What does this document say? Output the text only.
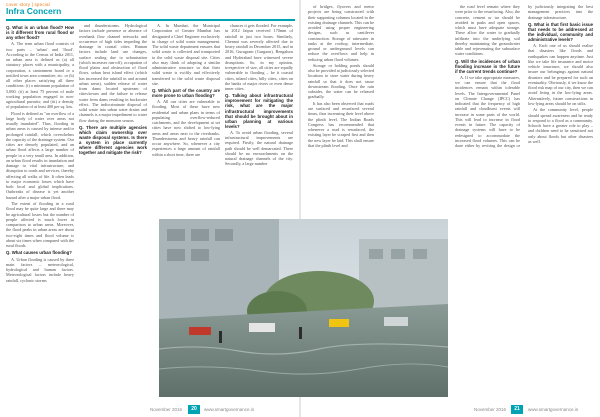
cover story | special
Infra Concern
Q. What is an urban flood? How is it different from rural flood or any other flood?

A. The term urban flood consists of two parts – 'urban' and 'flood'. According to the Census of India 2011, an urban area is defined as (a) all statutory places with a municipality, a corporation, a cantonment board or a notified town area committee, etc. or (b) all other places satisfying all three conditions: (i) a minimum population of 5,000; (ii) at least 75 percent of male working population engaged in non-agricultural pursuits; and (iii) a density of population of at least 400 per sq. km.

Flood is defined as "an overflow of a large body of water over areas not usually inundated". Thus, flooding in urban areas is caused by intense and/or prolonged rainfall, which overwhelms the capacity of the drainage system. Our cities are densely populated, and an urban flood affects a large number of people in a very small area. In addition, an urban flood results in inundation and damage to vital infrastructure, and disruption to roads and services, thereby affecting all walks of life. It often leads to major economic losses which have both local and global implications. Outbreaks of disease is yet another hazard after a major urban flood.

The extent of flooding in a rural flood may be quite large and there may be agricultural losses but the number of people affected is much lower in comparison to urban areas. Moreover, the flood peaks in urban areas are about two-eight times and flood volume is about six times when compared with the rural floods.

Q. What causes urban flooding?

A. Urban flooding is caused by three main factors – meteorological, hydrological and human factors. Meteorological factors include heavy rainfall, cyclonic storms

and thunderstorms. Hydrological factors include presence or absence of overbank flow channel networks and occurrence of high tides impeding the drainage in coastal cities. Human factors include land use changes, surface sealing due to urbanisation (which increases run-off), occupation of flood plains and obstruction of flood flows, urban heat island effect (which has increased the rainfall in and around urban areas), sudden release of water from dams located upstream of cities/towns and the failure to release water from dams resulting in backwater effect. The indiscriminate disposal of solid waste into urban water drains and channels is a major impediment to water flow during the monsoon season.

Q. There are multiple agencies which claim ownership over waste disposal systems. Is there a system in place currently where different agencies work together and mitigate the risk?

A. In Mumbai, the Municipal Corporation of Greater Mumbai has designated a Chief Engineer exclusively in charge of solid waste management. The solid waste department ensures that solid waste is collected and transported to the solid waste disposal site. Cities also may think of adopting a similar administrative structure so that their solid waste is swiftly and effectively transferred to the solid waste disposal site.

Q. Which part of the country are more prone to urban flooding?

A. All our cities are vulnerable to flooding. Most of these have new residential and urban plans in terms of populating overflow-reduced catchments, and the development at set cities have now shifted to low-lying areas and areas next to the riverbanks. Thunderstorms and heavy rainfall can occur anywhere. So, whenever a city experiences a large amount of rainfall within a short time, there are

chances it gets flooded. For example, in 2012 Jaipur received 170mm of rainfall in just two hours. Similarly, Chennai was severely affected due to heavy rainfall in December 2015, and in 2016, Gurugram (Gurgaon), Bengaluru and Hyderabad have witnessed severe disruptions. So, in my opinion, irrespective of size, all cities are equally vulnerable to flooding – be it coastal cities, inland cities, hilly cities, cities on the banks of major rivers or even dense inner cities.

Q. Talking about infrastructural improvement for mitigating the risk, what are the major infrastructural improvements that should be brought about in urban planning at various levels?

A. To avoid urban flooding, several infrastructural improvements are required. Firstly, the natural drainage path should be well demarcated. There should be no encroachments on the natural drainage channels of the city. Secondly, a large number

November 2016	20	www.smartgovernance.in

of bridges, flyovers and metro projects are being constructed with their supporting columns located in the existing drainage channels. This can be avoided using proper engineering designs, such as cantilever construction. Storage of rainwater in tanks at the rooftop, intermediate, ground or underground levels can reduce the overflows and help in reducing urban flood volumes.

Storage or holding ponds should also be provided at judiciously selected locations to store water during heavy rainfall so that it does not cause downstream flooding. Once the rain subsides, the water can be released gradually.

It has also been observed that roads are surfaced and resurfaced several times, thus increasing their level above the plinth level. The Indian Roads Congress has recommended that whenever a road is resurfaced, the existing layer be scraped first and then the new layer be laid. This shall ensure that the plinth level and

the road level remain where they were prior to the resurfacing. Also, the concrete, cement or tar should be avoided in parks and open spaces, which must have adequate storage. These allow the water to gradually infiltrate into the underlying soil thereby maintaining the groundwater table and rejuvenating the subsurface water conditions.

Q. Will the incidences of urban flooding increase in the future if the current trends continue?

A. If we take appropriate measures, we can ensure that the flood incidences remain within tolerable levels. The Intergovernmental Panel on Climate Change (IPCC) has indicated that the frequency of high rainfall and cloudburst events will increase in some parts of the world. This will lead to increase in flood events in future. The capacity of drainage systems will have to be redesigned to accommodate the increased flood volumes. This can be done either by revising the design or by judiciously integrating the best management practices into the drainage infrastructure.

Q. What is that first basic issue that needs to be addressed at the individual, community and administrative levels?

A. Each one of us should realise that disasters like floods and earthquakes can happen anytime. Just like we take life insurance and motor vehicle insurance, we should also insure our belongings against natural disasters and be prepared for such an eventuality. Obviously, if we know the flood risk map of our city, then we can avoid living in the low-lying areas. Alternatively, future constructions in low-lying areas should be on stilts.

At the community level, people should spread awareness and be ready to respond to a flood as a community. Schools have a greater role to play – and children need to be sensitised not only about floods but other disasters as well.

November 2016	21	www.smartgovernance.in
